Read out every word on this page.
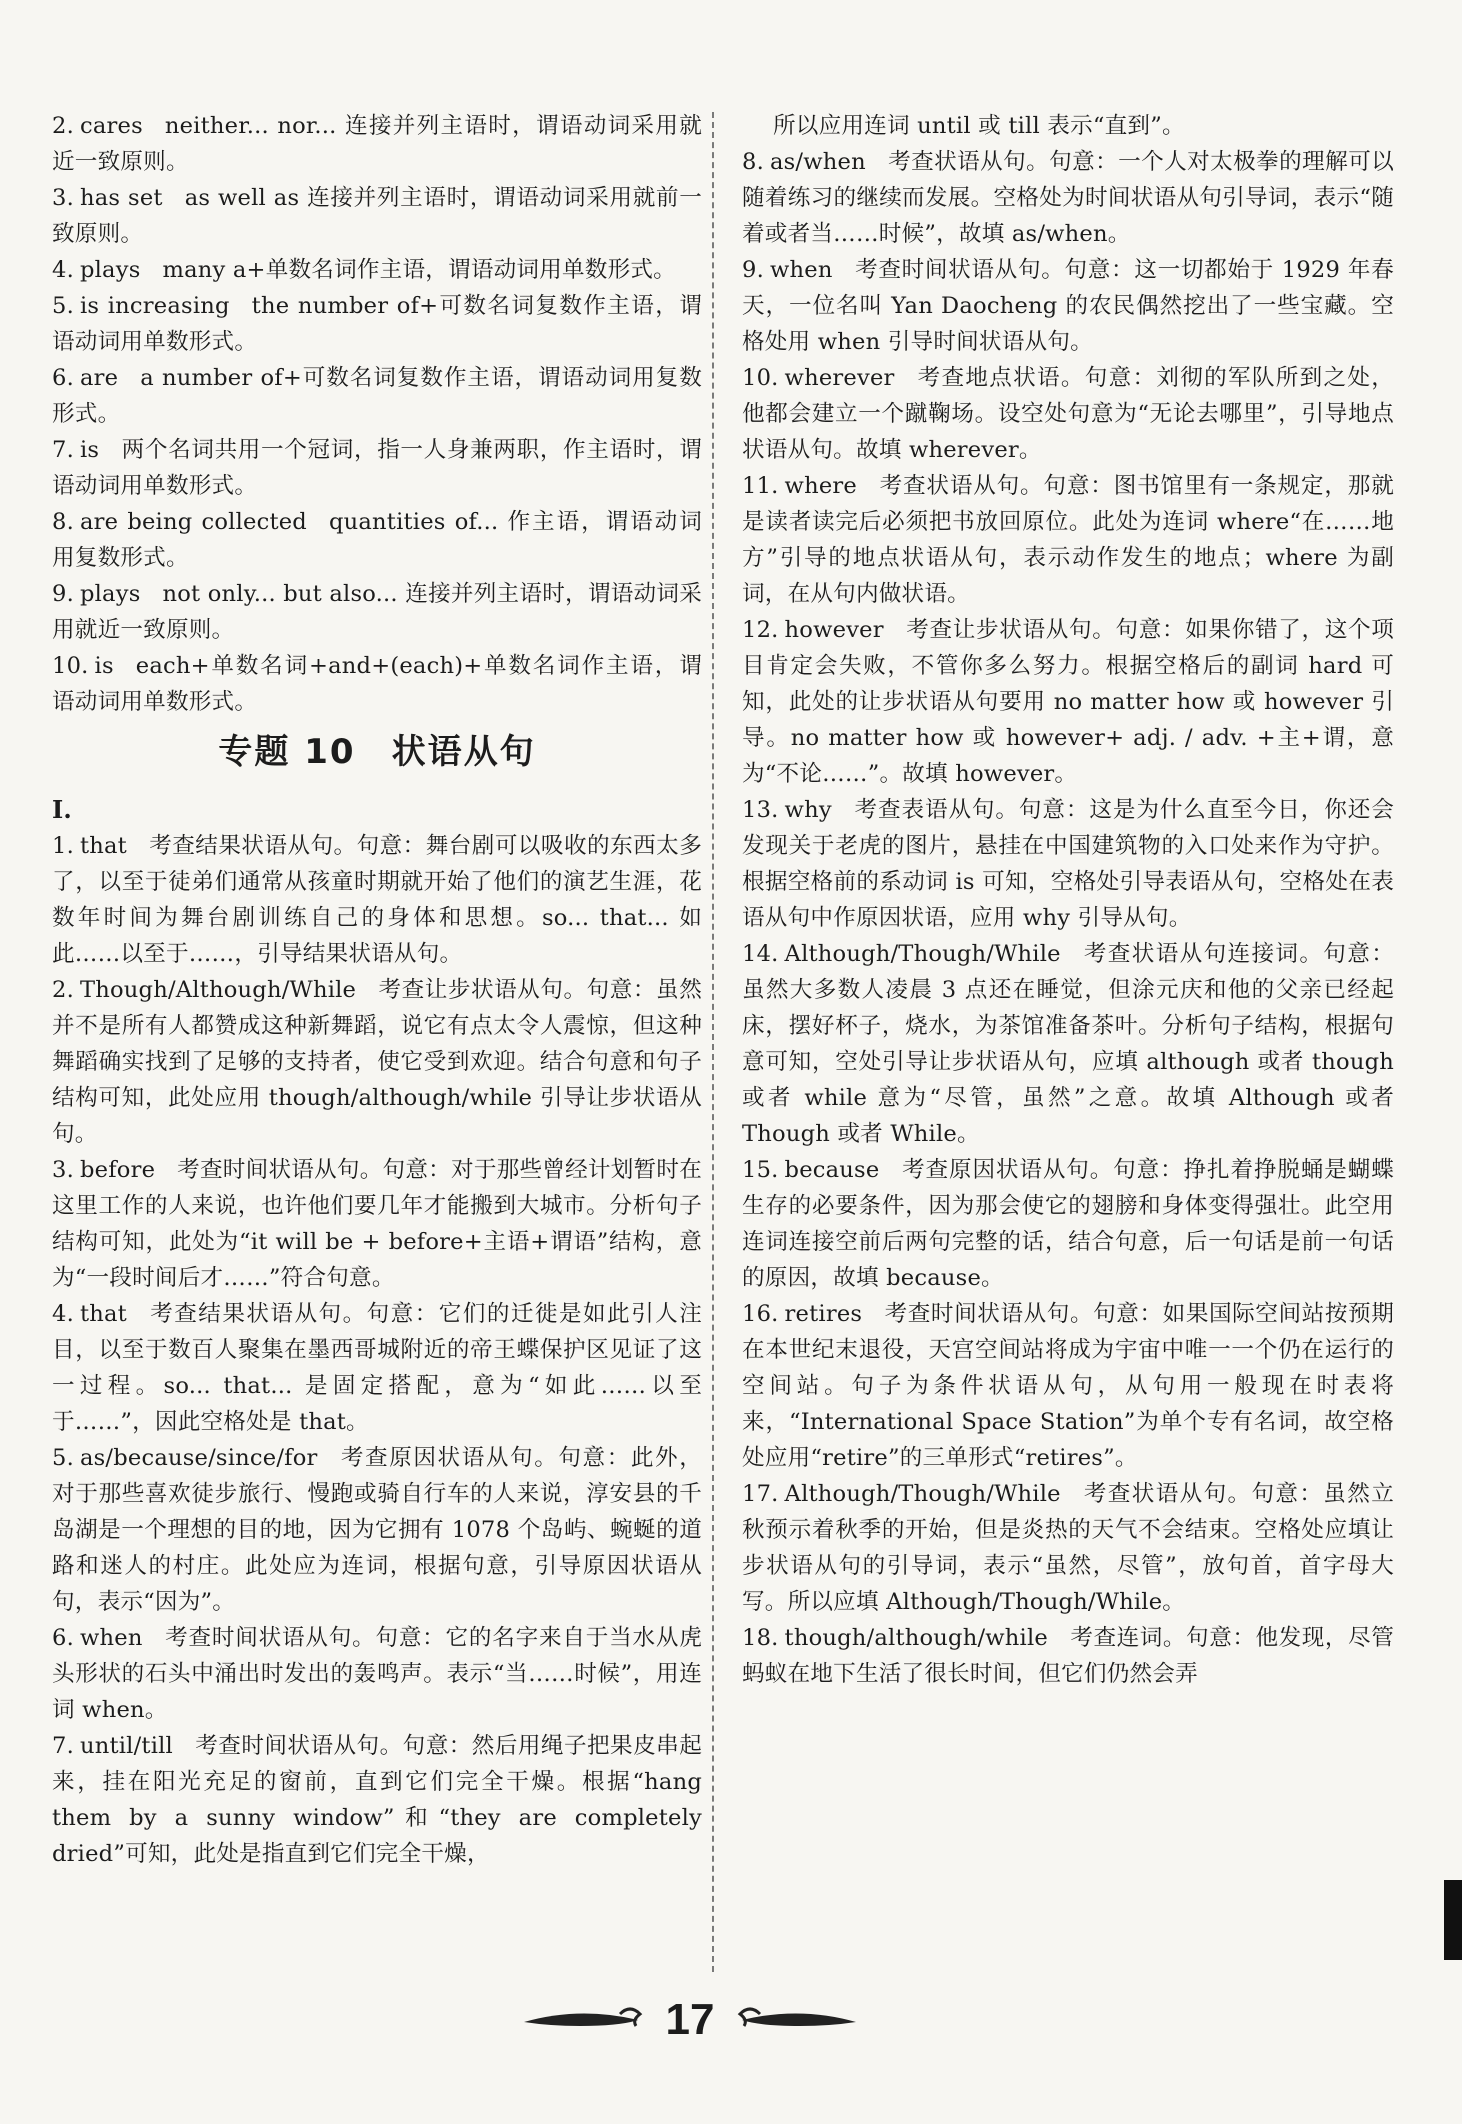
2. cares neither... nor... 连接并列主语时，谓语动词采用就近一致原则。
3. has set as well as 连接并列主语时，谓语动词采用就前一致原则。
4. plays many a+单数名词作主语，谓语动词用单数形式。
5. is increasing the number of+可数名词复数作主语，谓语动词用单数形式。
6. are a number of+可数名词复数作主语，谓语动词用复数形式。
7. is 两个名词共用一个冠词，指一人身兼两职，作主语时，谓语动词用单数形式。
8. are being collected quantities of... 作主语，谓语动词用复数形式。
9. plays not only... but also... 连接并列主语时，谓语动词采用就近一致原则。
10. is each+单数名词+and+(each)+单数名词作主语，谓语动词用单数形式。
专题 10　状语从句
Ⅰ.
1. that 考查结果状语从句。句意：舞台剧可以吸收的东西太多了，以至于徒弟们通常从孩童时期就开始了他们的演艺生涯，花数年时间为舞台剧训练自己的身体和思想。so... that... 如此……以至于……，引导结果状语从句。
2. Though/Although/While 考查让步状语从句。句意：虽然并不是所有人都赞成这种新舞蹈，说它有点太令人震惊，但这种舞蹈确实找到了足够的支持者，使它受到欢迎。结合句意和句子结构可知，此处应用 though/although/while 引导让步状语从句。
3. before 考查时间状语从句。句意：对于那些曾经计划暂时在这里工作的人来说，也许他们要几年才能搬到大城市。分析句子结构可知，此处为“it will be + before+主语+谓语”结构，意为“一段时间后才……”符合句意。
4. that 考查结果状语从句。句意：它们的迁徙是如此引人注目，以至于数百人聚集在墨西哥城附近的帝王蝶保护区见证了这一过程。so... that... 是固定搭配，意为“如此……以至于……”，因此空格处是 that。
5. as/because/since/for 考查原因状语从句。句意：此外，对于那些喜欢徒步旅行、慢跑或骑自行车的人来说，淳安县的千岛湖是一个理想的目的地，因为它拥有 1078 个岛屿、蜿蜒的道路和迷人的村庄。此处应为连词，根据句意，引导原因状语从句，表示“因为”。
6. when 考查时间状语从句。句意：它的名字来自于当水从虎头形状的石头中涌出时发出的轰鸣声。表示“当……时候”，用连词 when。
7. until/till 考查时间状语从句。句意：然后用绳子把果皮串起来，挂在阳光充足的窗前，直到它们完全干燥。根据“hang them by a sunny window”和“they are completely dried”可知，此处是指直到它们完全干燥，
所以应用连词 until 或 till 表示“直到”。
8. as/when 考查状语从句。句意：一个人对太极拳的理解可以随着练习的继续而发展。空格处为时间状语从句引导词，表示“随着或者当……时候”，故填 as/when。
9. when 考查时间状语从句。句意：这一切都始于 1929 年春天，一位名叫 Yan Daocheng 的农民偶然挖出了一些宝藏。空格处用 when 引导时间状语从句。
10. wherever 考查地点状语。句意：刘彻的军队所到之处，他都会建立一个蹴鞠场。设空处句意为“无论去哪里”，引导地点状语从句。故填 wherever。
11. where 考查状语从句。句意：图书馆里有一条规定，那就是读者读完后必须把书放回原位。此处为连词 where“在……地方”引导的地点状语从句，表示动作发生的地点；where 为副词，在从句内做状语。
12. however 考查让步状语从句。句意：如果你错了，这个项目肯定会失败，不管你多么努力。根据空格后的副词 hard 可知，此处的让步状语从句要用 no matter how 或 however 引导。no matter how 或 however+ adj. / adv. +主+谓，意为“不论……”。故填 however。
13. why 考查表语从句。句意：这是为什么直至今日，你还会发现关于老虎的图片，悬挂在中国建筑物的入口处来作为守护。根据空格前的系动词 is 可知，空格处引导表语从句，空格处在表语从句中作原因状语，应用 why 引导从句。
14. Although/Though/While 考查状语从句连接词。句意：虽然大多数人凌晨 3 点还在睡觉，但涂元庆和他的父亲已经起床，摆好杯子，烧水，为茶馆准备茶叶。分析句子结构，根据句意可知，空处引导让步状语从句，应填 although 或者 though 或者 while 意为“尽管，虽然”之意。故填 Although 或者 Though 或者 While。
15. because 考查原因状语从句。句意：挣扎着挣脱蛹是蝴蝶生存的必要条件，因为那会使它的翅膀和身体变得强壮。此空用连词连接空前后两句完整的话，结合句意，后一句话是前一句话的原因，故填 because。
16. retires 考查时间状语从句。句意：如果国际空间站按预期在本世纪末退役，天宫空间站将成为宇宙中唯一一个仍在运行的空间站。句子为条件状语从句，从句用一般现在时表将来，“International Space Station”为单个专有名词，故空格处应用“retire”的三单形式“retires”。
17. Although/Though/While 考查状语从句。句意：虽然立秋预示着秋季的开始，但是炎热的天气不会结束。空格处应填让步状语从句的引导词，表示“虽然，尽管”，放句首，首字母大写。所以应填 Although/Though/While。
18. though/although/while 考查连词。句意：他发现，尽管蚂蚁在地下生活了很长时间，但它们仍然会弄
17
